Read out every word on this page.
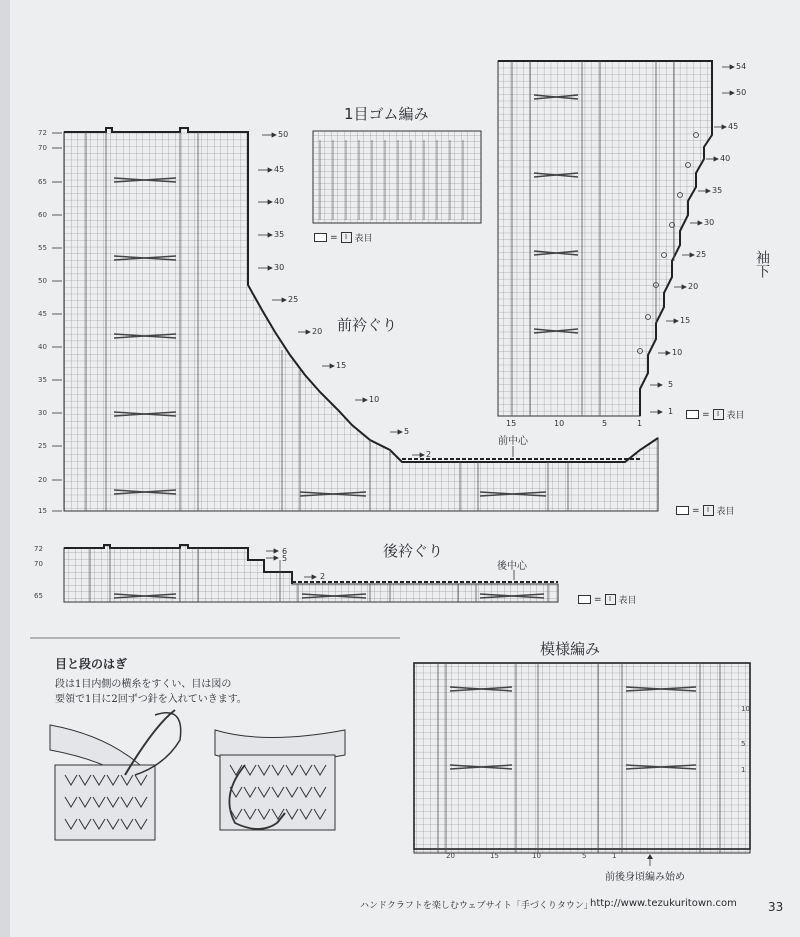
72
70
65
60
55
50
45
40
35
30
25
20
15
50
45
40
35
30
25
20
15
10
5
2
前衿ぐり
前中心
=	I 表目
1目ゴム編み
=	I 表目
54
50
45
40
35
30
25
20
15
10
5
1
15	10	5	1
袖下
=	I 表目
72
70
65
6
5
2
後衿ぐり
後中心
=	I 表目
目と段のはぎ
段は1目内側の横糸をすくい、目は図の
要領で1目に2回ずつ針を入れていきます。
模様編み
20	15	10	5	1
10
5
1
前後身頃編み始め
ハンドクラフトを楽しむウェブサイト「手づくりタウン」
http://www.tezukuritown.com	33
